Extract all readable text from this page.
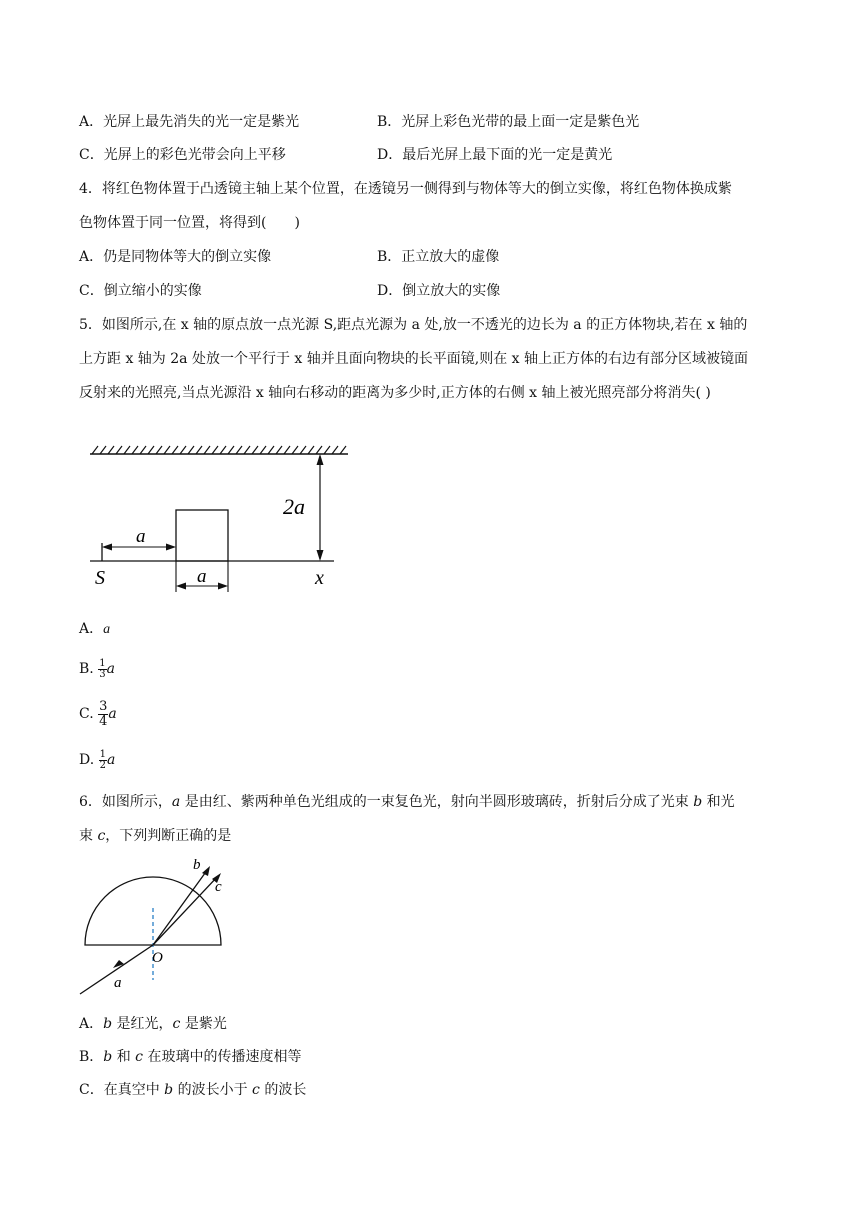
A．光屏上最先消失的光一定是紫光	B．光屏上彩色光带的最上面一定是紫色光
C．光屏上的彩色光带会向上平移	D．最后光屏上最下面的光一定是黄光
4．将红色物体置于凸透镜主轴上某个位置，在透镜另一侧得到与物体等大的倒立实像，将红色物体换成紫
色物体置于同一位置，将得到(　　)
A．仍是同物体等大的倒立实像	B．正立放大的虚像
C．倒立缩小的实像	D．倒立放大的实像
5．如图所示,在 x 轴的原点放一点光源 S,距点光源为 a 处,放一不透光的边长为 a 的正方体物块,若在 x 轴的
上方距 x 轴为 2a 处放一个平行于 x 轴并且面向物块的长平面镜,则在 x 轴上正方体的右边有部分区域被镜面
反射来的光照亮,当点光源沿 x 轴向右移动的距离为多少时,正方体的右侧 x 轴上被光照亮部分将消失( )
2a
a
a
S	x
A．a
B. $\frac{1}{3}$ a
C. $\frac{3}{4}$ a
D. $\frac{1}{2}$ a
6．如图所示，a 是由红、紫两种单色光组成的一束复色光，射向半圆形玻璃砖，折射后分成了光束 b 和光
束 c，下列判断正确的是
b
c
O
a
A．b 是红光，c 是紫光
B．b 和 c 在玻璃中的传播速度相等
C．在真空中 b 的波长小于 c 的波长
